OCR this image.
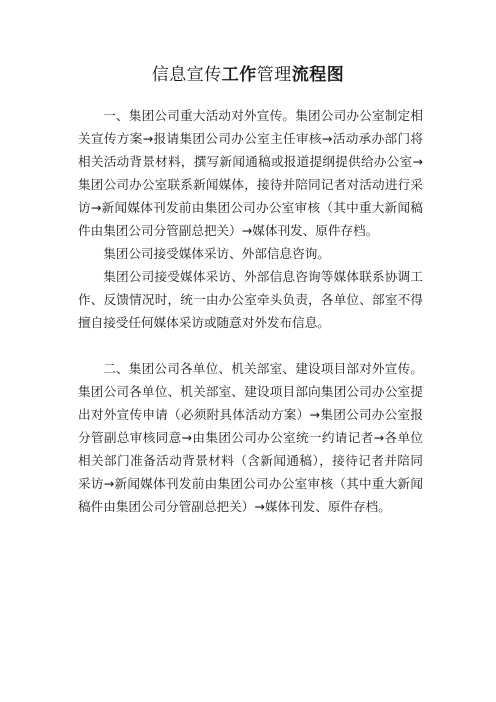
信息宣传工作管理流程图

一、集团公司重大活动对外宣传。集团公司办公室制定相关宣传方案→报请集团公司办公室主任审核→活动承办部门将相关活动背景材料，撰写新闻通稿或报道提纲提供给办公室→集团公司办公室联系新闻媒体，接待并陪同记者对活动进行采访→新闻媒体刊发前由集团公司办公室审核（其中重大新闻稿件由集团公司分管副总把关）→媒体刊发、原件存档。

集团公司接受媒体采访、外部信息咨询。

集团公司接受媒体采访、外部信息咨询等媒体联系协调工作、反馈情况时，统一由办公室牵头负责，各单位、部室不得擅自接受任何媒体采访或随意对外发布信息。

二、集团公司各单位、机关部室、建设项目部对外宣传。集团公司各单位、机关部室、建设项目部向集团公司办公室提出对外宣传申请（必须附具体活动方案）→集团公司办公室报分管副总审核同意→由集团公司办公室统一约请记者→各单位相关部门准备活动背景材料（含新闻通稿），接待记者并陪同采访→新闻媒体刊发前由集团公司办公室审核（其中重大新闻稿件由集团公司分管副总把关）→媒体刊发、原件存档。
